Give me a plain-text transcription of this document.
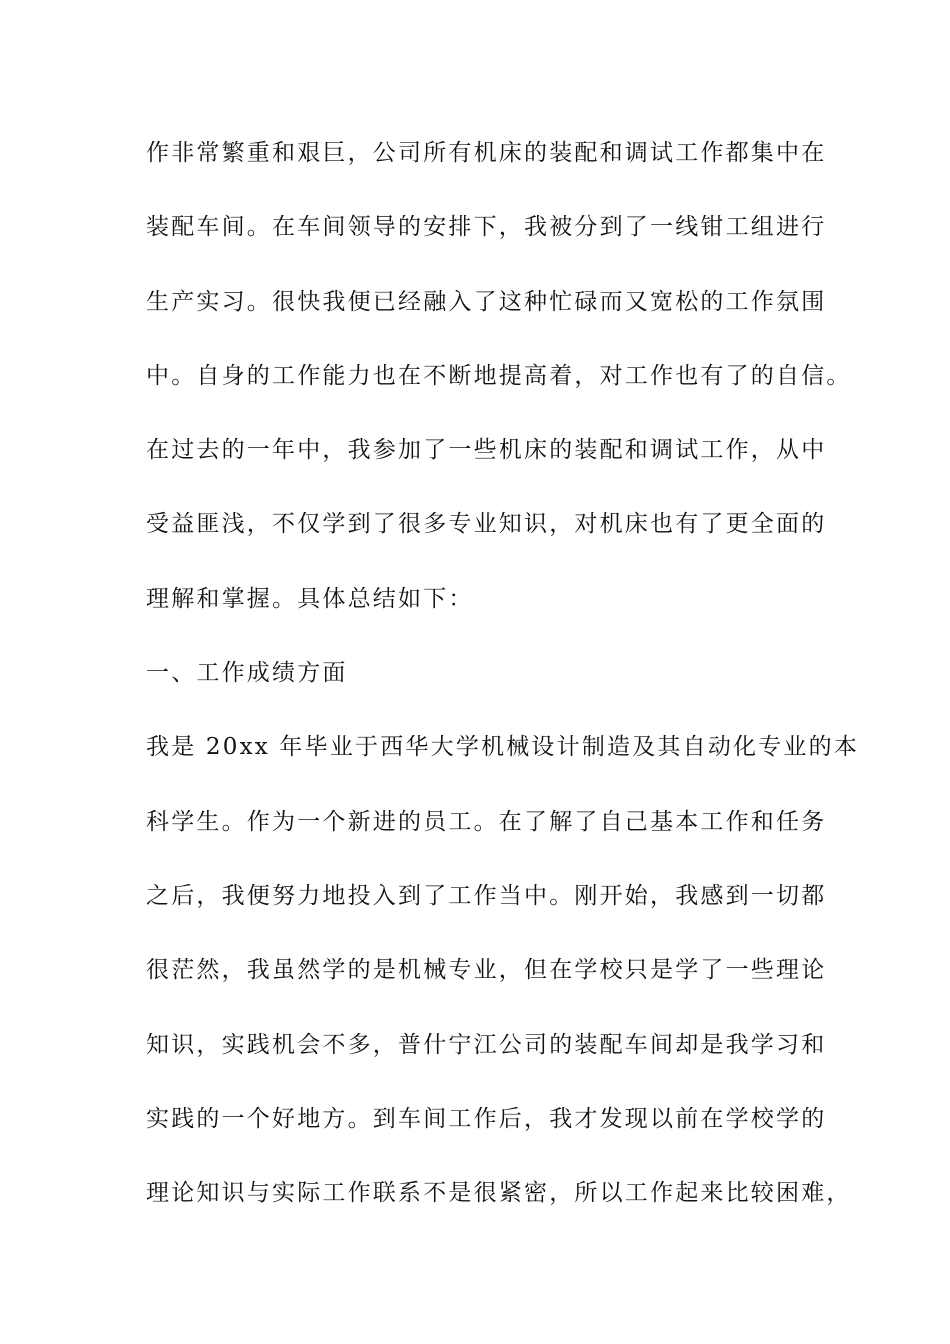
作非常繁重和艰巨，公司所有机床的装配和调试工作都集中在
装配车间。在车间领导的安排下，我被分到了一线钳工组进行
生产实习。很快我便已经融入了这种忙碌而又宽松的工作氛围
中。自身的工作能力也在不断地提高着，对工作也有了的自信。
在过去的一年中，我参加了一些机床的装配和调试工作，从中
受益匪浅，不仅学到了很多专业知识，对机床也有了更全面的
理解和掌握。具体总结如下：
一、工作成绩方面
我是 20xx 年毕业于西华大学机械设计制造及其自动化专业的本
科学生。作为一个新进的员工。在了解了自己基本工作和任务
之后，我便努力地投入到了工作当中。刚开始，我感到一切都
很茫然，我虽然学的是机械专业，但在学校只是学了一些理论
知识，实践机会不多，普什宁江公司的装配车间却是我学习和
实践的一个好地方。到车间工作后，我才发现以前在学校学的
理论知识与实际工作联系不是很紧密，所以工作起来比较困难，
